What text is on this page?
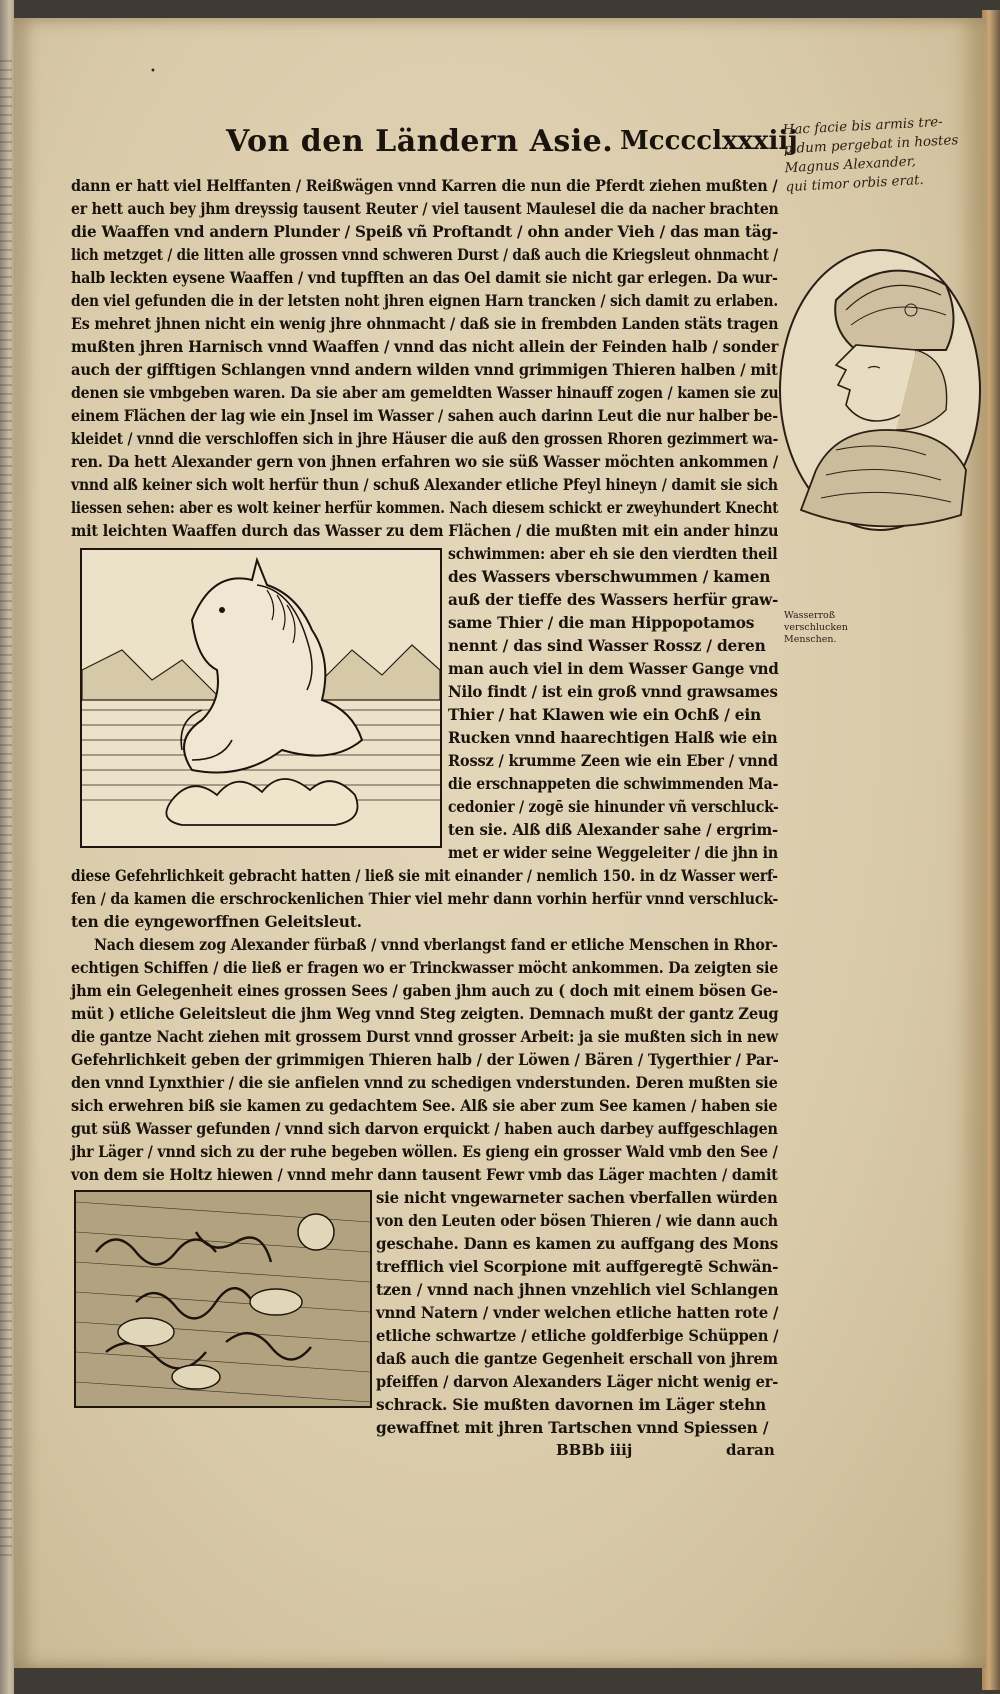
•
Von den Ländern Asie. Mcccclxxxiij
Hac facie bis armis tre-
pidum pergebat in hostes
Magnus Alexander,
qui timor orbis erat.
dann er hatt viel Helffanten / Reißwägen vnnd Karren die nun die Pferdt ziehen mußten /
er hett auch bey jhm dreyssig tausent Reuter / viel tausent Maulesel die da nacher brachten
die Waaffen vnd andern Plunder / Speiß vñ Proftandt / ohn ander Vieh / das man täg-
lich metzget / die litten alle grossen vnnd schweren Durst / daß auch die Kriegsleut ohnmacht /
halb leckten eysene Waaffen / vnd tupfften an das Oel damit sie nicht gar erlegen. Da wur-
den viel gefunden die in der letsten noht jhren eignen Harn trancken / sich damit zu erlaben.
Es mehret jhnen nicht ein wenig jhre ohnmacht / daß sie in frembden Landen stäts tragen
mußten jhren Harnisch vnnd Waaffen / vnnd das nicht allein der Feinden halb / sonder
auch der gifftigen Schlangen vnnd andern wilden vnnd grimmigen Thieren halben / mit
denen sie vmbgeben waren. Da sie aber am gemeldten Wasser hinauff zogen / kamen sie zu
einem Flächen der lag wie ein Jnsel im Wasser / sahen auch darinn Leut die nur halber be-
kleidet / vnnd die verschloffen sich in jhre Häuser die auß den grossen Rhoren gezimmert wa-
ren. Da hett Alexander gern von jhnen erfahren wo sie süß Wasser möchten ankommen /
vnnd alß keiner sich wolt herfür thun / schuß Alexander etliche Pfeyl hineyn / damit sie sich
liessen sehen: aber es wolt keiner herfür kommen. Nach diesem schickt er zweyhundert Knecht
mit leichten Waaffen durch das Wasser zu dem Flächen / die mußten mit ein ander hinzu
schwimmen: aber eh sie den vierdten theil
des Wassers vberschwummen / kamen
auß der tieffe des Wassers herfür graw-
same Thier / die man Hippopotamos
nennt / das sind Wasser Rossz / deren
man auch viel in dem Wasser Gange vnd
Nilo findt / ist ein groß vnnd grawsames
Thier / hat Klawen wie ein Ochß / ein
Rucken vnnd haarechtigen Halß wie ein
Rossz / krumme Zeen wie ein Eber / vnnd
die erschnappeten die schwimmenden Ma-
cedonier / zogē sie hinunder vñ verschluck-
ten sie. Alß diß Alexander sahe / ergrim-
met er wider seine Weggeleiter / die jhn in
Wasserroß
verschlucken
Menschen.
diese Gefehrlichkeit gebracht hatten / ließ sie mit einander / nemlich 150. in dz Wasser werf-
fen / da kamen die erschrockenlichen Thier viel mehr dann vorhin herfür vnnd verschluck-
ten die eyngeworffnen Geleitsleut.
Nach diesem zog Alexander fürbaß / vnnd vberlangst fand er etliche Menschen in Rhor-
echtigen Schiffen / die ließ er fragen wo er Trinckwasser möcht ankommen. Da zeigten sie
jhm ein Gelegenheit eines grossen Sees / gaben jhm auch zu ( doch mit einem bösen Ge-
müt ) etliche Geleitsleut die jhm Weg vnnd Steg zeigten. Demnach mußt der gantz Zeug
die gantze Nacht ziehen mit grossem Durst vnnd grosser Arbeit: ja sie mußten sich in new
Gefehrlichkeit geben der grimmigen Thieren halb / der Löwen / Bären / Tygerthier / Par-
den vnnd Lynxthier / die sie anfielen vnnd zu schedigen vnderstunden. Deren mußten sie
sich erwehren biß sie kamen zu gedachtem See. Alß sie aber zum See kamen / haben sie
gut süß Wasser gefunden / vnnd sich darvon erquickt / haben auch darbey auffgeschlagen
jhr Läger / vnnd sich zu der ruhe begeben wöllen. Es gieng ein grosser Wald vmb den See /
von dem sie Holtz hiewen / vnnd mehr dann tausent Fewr vmb das Läger machten / damit
sie nicht vngewarneter sachen vberfallen würden
von den Leuten oder bösen Thieren / wie dann auch
geschahe. Dann es kamen zu auffgang des Mons
trefflich viel Scorpione mit auffgeregtē Schwän-
tzen / vnnd nach jhnen vnzehlich viel Schlangen
vnnd Natern / vnder welchen etliche hatten rote /
etliche schwartze / etliche goldferbige Schüppen /
daß auch die gantze Gegenheit erschall von jhrem
pfeiffen / darvon Alexanders Läger nicht wenig er-
schrack. Sie mußten davornen im Läger stehn
gewaffnet mit jhren Tartschen vnnd Spiessen /
BBBb iiij	daran
